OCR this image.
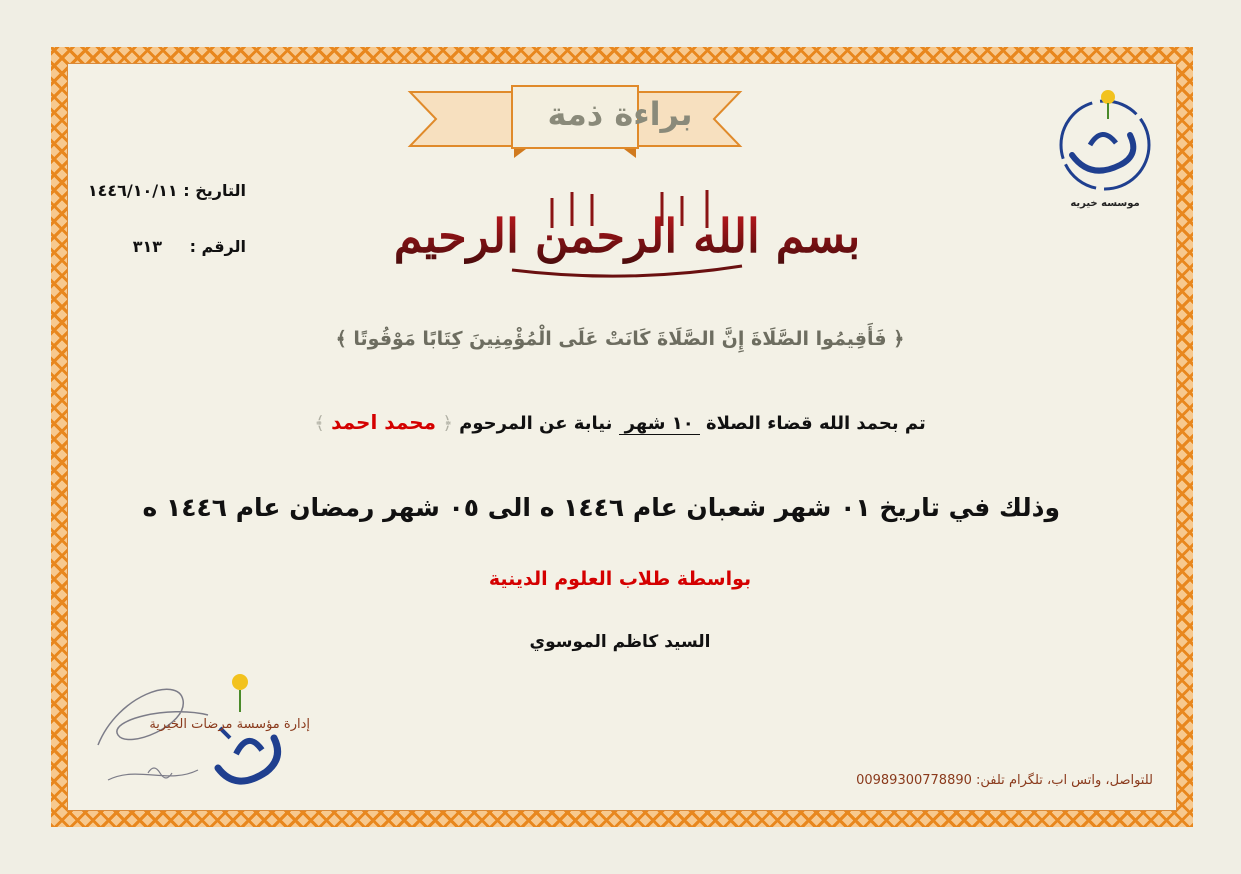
براءة ذمة
التاريخ : ١٤٤٦/١٠/١١
الرقم : ٣١٣	بسم الله الرحمن الرحيم
﴿ فَأَقِيمُوا الصَّلَاةَ إِنَّ الصَّلَاةَ كَانَتْ عَلَى الْمُؤْمِنِينَ كِتَابًا مَوْقُوتًا ﴾
تم بحمد الله قضاء الصلاة ١٠ شهر نيابة عن المرحوم ﴿ محمد احمد ﴾
وذلك في تاريخ ٠١ شهر شعبان عام ١٤٤٦ ه الى ٠٥ شهر رمضان عام ١٤٤٦ ه
بواسطة طلاب العلوم الدينية
السيد كاظم الموسوي
موسسه خیریه
إدارة مؤسسة مرضات الخيرية
للتواصل، واتس اب، تلگرام تلفن: 00989300778890
